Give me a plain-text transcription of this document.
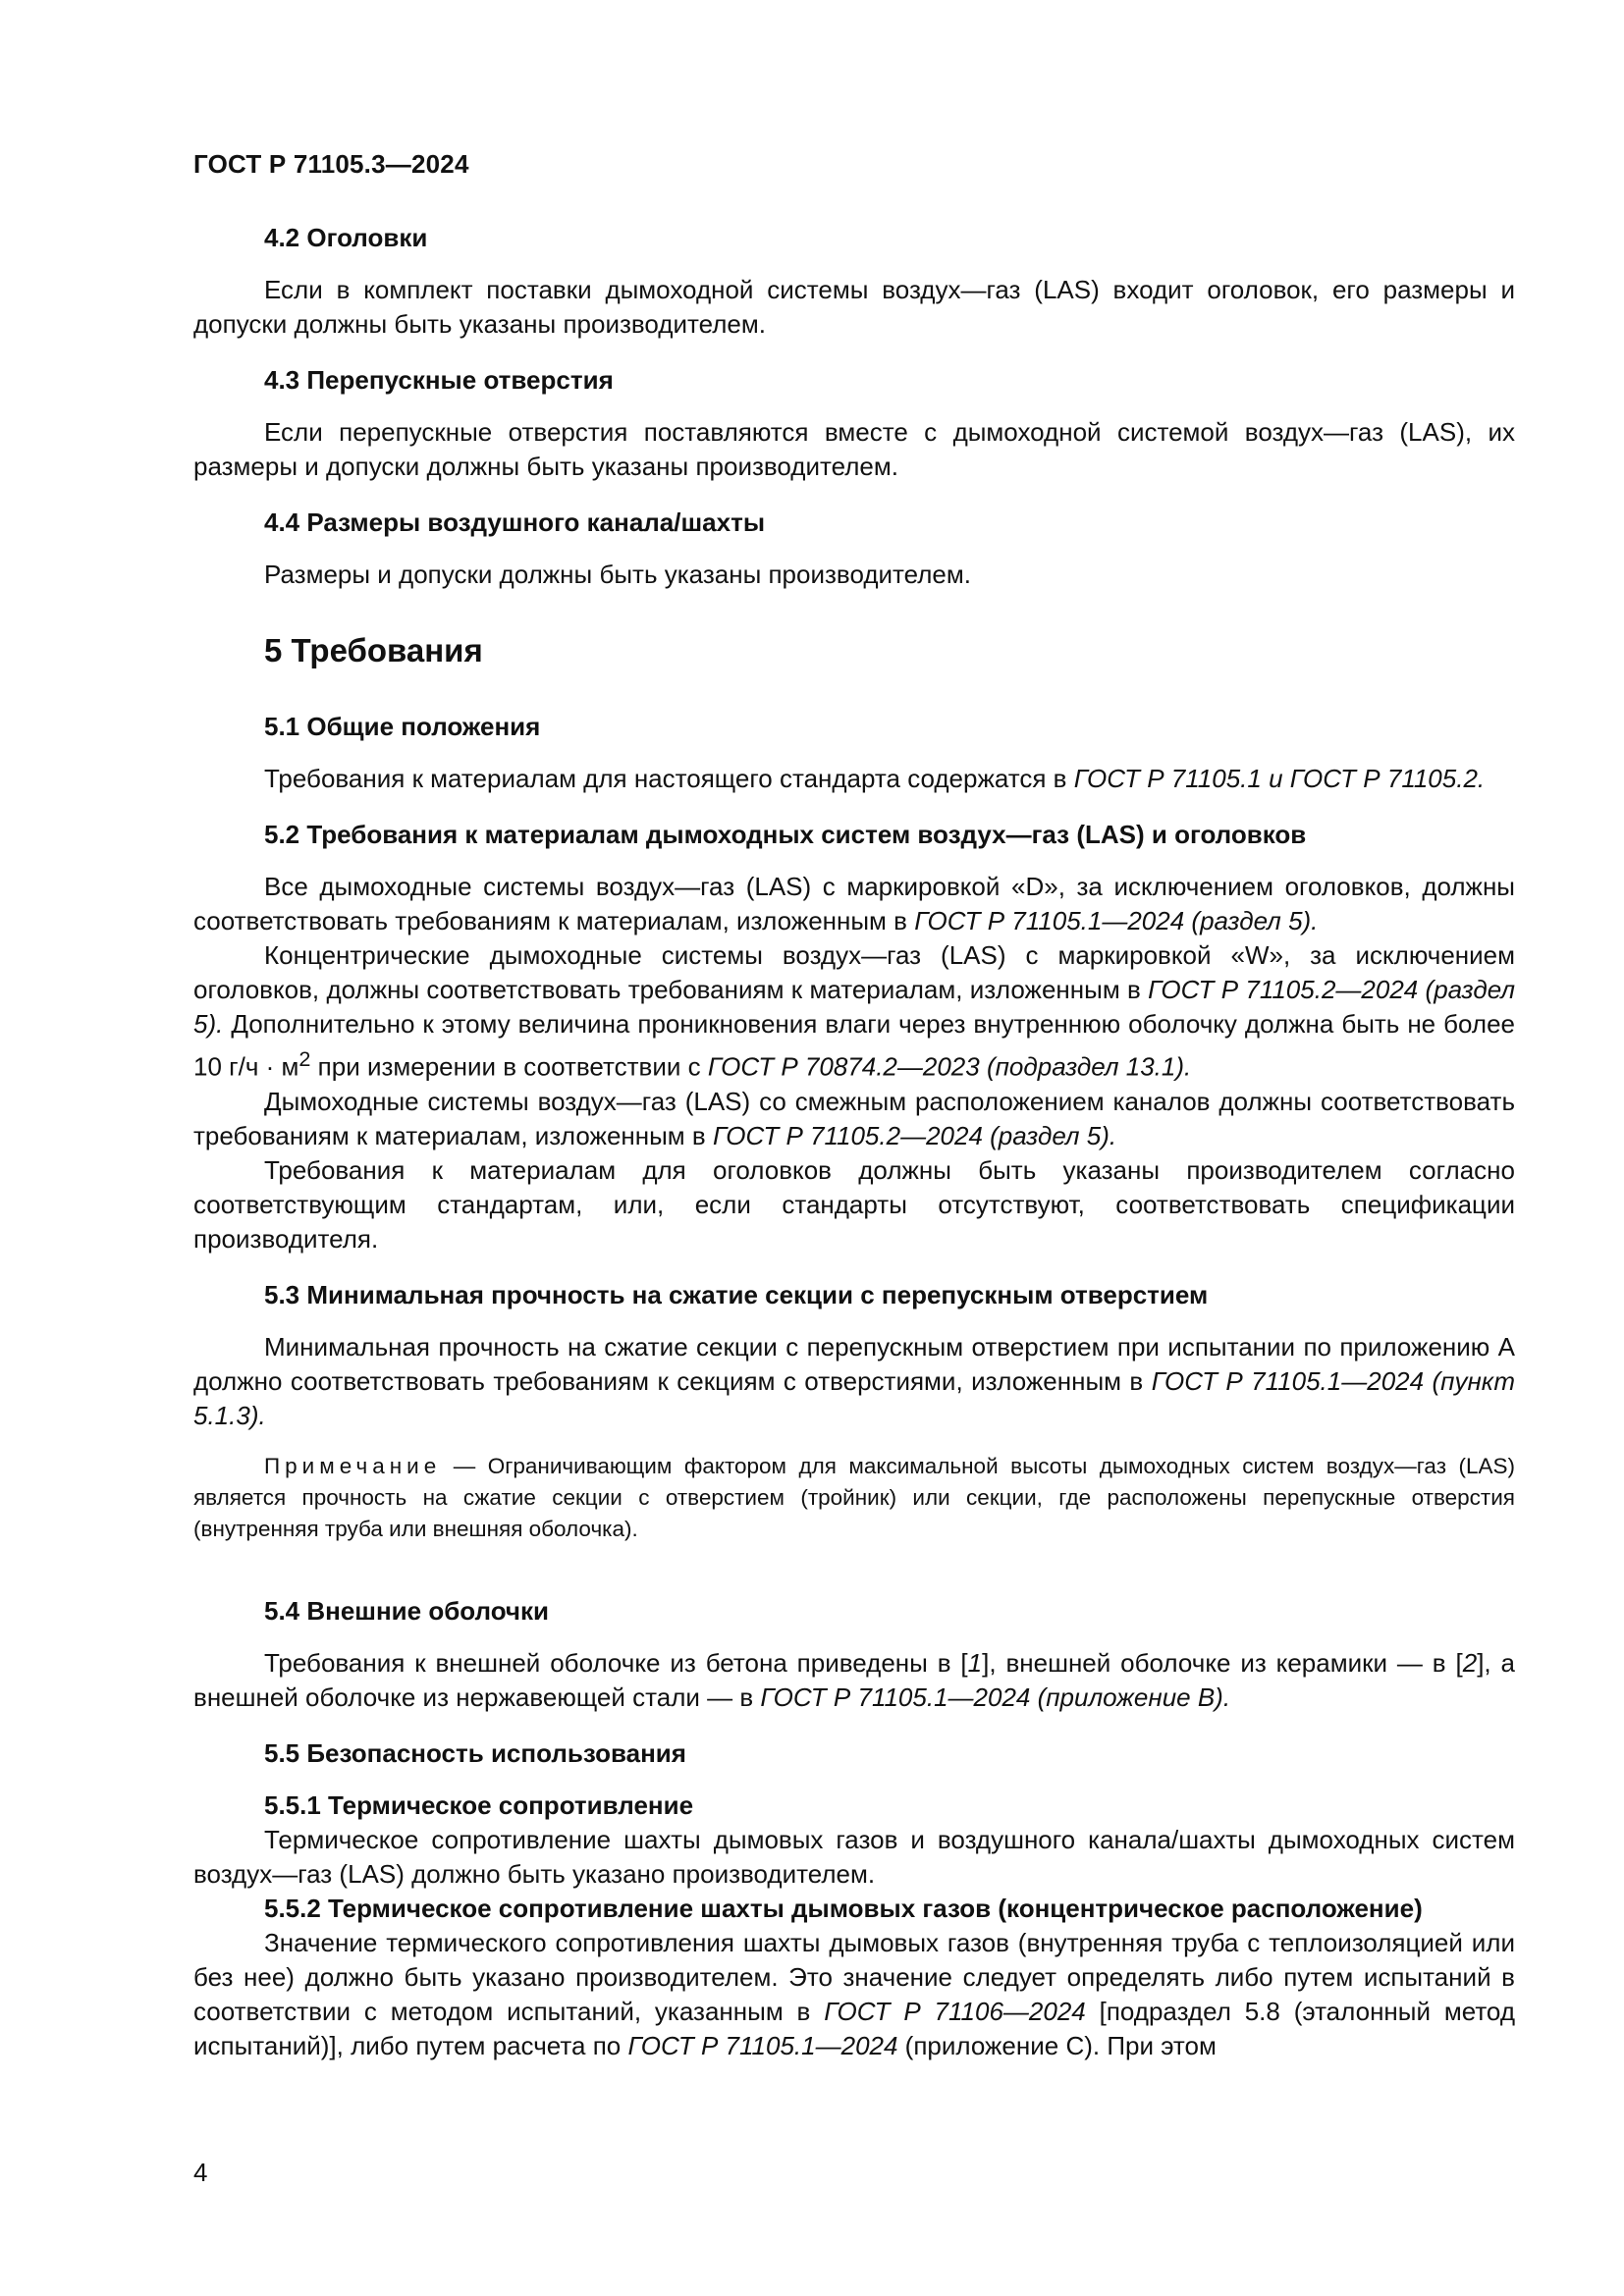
ГОСТ Р 71105.3—2024
4.2 Оголовки

Если в комплект поставки дымоходной системы воздух—газ (LAS) входит оголовок, его размеры и допуски должны быть указаны производителем.

4.3 Перепускные отверстия

Если перепускные отверстия поставляются вместе с дымоходной системой воздух—газ (LAS), их размеры и допуски должны быть указаны производителем.

4.4 Размеры воздушного канала/шахты

Размеры и допуски должны быть указаны производителем.

5 Требования
5.1 Общие положения

Требования к материалам для настоящего стандарта содержатся в ГОСТ Р 71105.1 и ГОСТ Р 71105.2.

5.2 Требования к материалам дымоходных систем воздух—газ (LAS) и оголовков

Все дымоходные системы воздух—газ (LAS) с маркировкой «D», за исключением оголовков, должны соответствовать требованиям к материалам, изложенным в ГОСТ Р 71105.1—2024 (раздел 5).

Концентрические дымоходные системы воздух—газ (LAS) с маркировкой «W», за исключением оголовков, должны соответствовать требованиям к материалам, изложенным в ГОСТ Р 71105.2—2024 (раздел 5). Дополнительно к этому величина проникновения влаги через внутреннюю оболочку должна быть не более 10 $г/ч \cdot м^2$ при измерении в соответствии с ГОСТ Р 70874.2—2023 (подраздел 13.1).

Дымоходные системы воздух—газ (LAS) со смежным расположением каналов должны соответствовать требованиям к материалам, изложенным в ГОСТ Р 71105.2—2024 (раздел 5).

Требования к материалам для оголовков должны быть указаны производителем согласно соответствующим стандартам, или, если стандарты отсутствуют, соответствовать спецификации производителя.

5.3 Минимальная прочность на сжатие секции с перепускным отверстием

Минимальная прочность на сжатие секции с перепускным отверстием при испытании по приложению А должно соответствовать требованиям к секциям с отверстиями, изложенным в ГОСТ Р 71105.1—2024 (пункт 5.1.3).

Примечание — Ограничивающим фактором для максимальной высоты дымоходных систем воздух—газ (LAS) является прочность на сжатие секции с отверстием (тройник) или секции, где расположены перепускные отверстия (внутренняя труба или внешняя оболочка).

5.4 Внешние оболочки

Требования к внешней оболочке из бетона приведены в [1], внешней оболочке из керамики — в [2], а внешней оболочке из нержавеющей стали — в ГОСТ Р 71105.1—2024 (приложение В).

5.5 Безопасность использования
5.5.1 Термическое сопротивление

Термическое сопротивление шахты дымовых газов и воздушного канала/шахты дымоходных систем воздух—газ (LAS) должно быть указано производителем.

5.5.2 Термическое сопротивление шахты дымовых газов (концентрическое расположение)

Значение термического сопротивления шахты дымовых газов (внутренняя труба с теплоизоляцией или без нее) должно быть указано производителем. Это значение следует определять либо путем испытаний в соответствии с методом испытаний, указанным в ГОСТ Р 71106—2024 [подраздел 5.8 (эталонный метод испытаний)], либо путем расчета по ГОСТ Р 71105.1—2024 (приложение С). При этом

4
